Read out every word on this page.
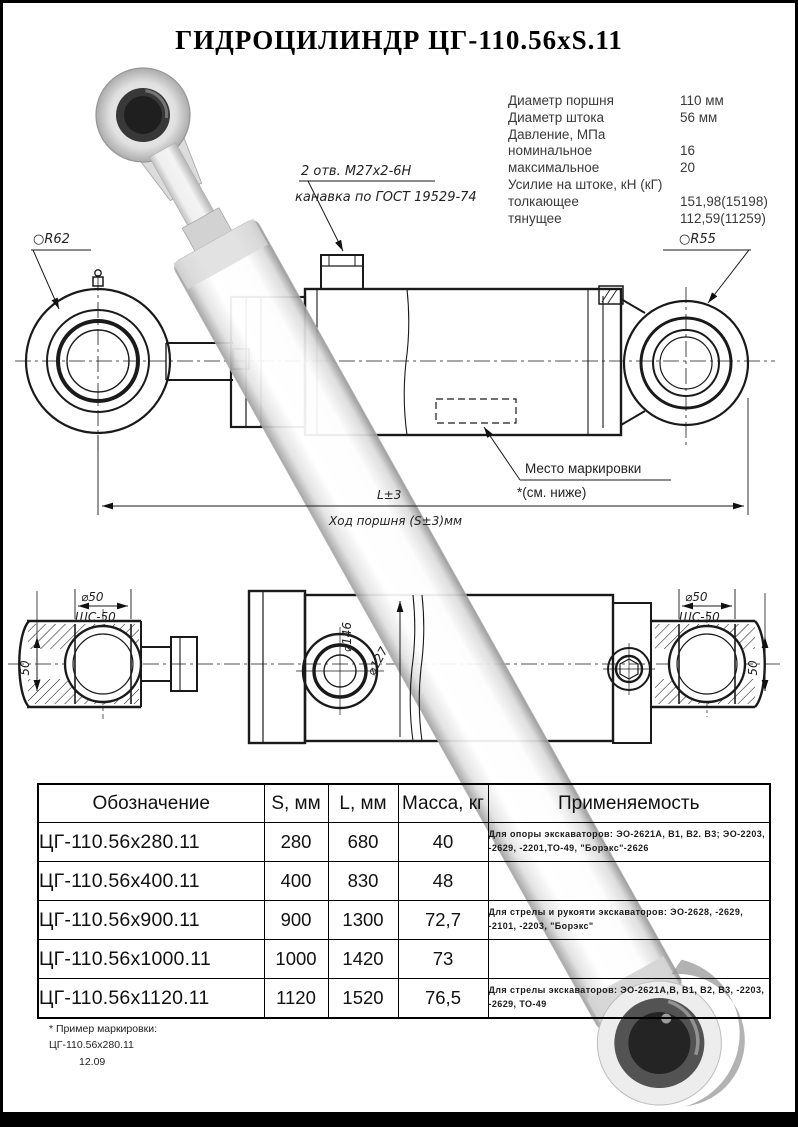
ГИДРОЦИЛИНДР ЦГ-110.56хS.11
Диаметр поршня	110 мм
Диаметр штока	56 мм
Давление, МПа
номинальное	16
максимальное	20
Усилие на штоке, кН (кГ)
толкающее	151,98(15198)
тянущее	112,59(11259)
2 отв. М27х2-6Н
канавка по ГОСТ 19529-74
○R62	○R55
Место маркировки
*(см. ниже)
L±3
Ход поршня (S±3)мм
⌀50
ШС-50
50
⌀146
⌀127
⌀50
ШС-50
50
Обозначение	S, мм	L, мм	Масса, кг	Применяемость
ЦГ-110.56х280.11	280	680	40	Для опоры экскаваторов: ЭО-2621А, В1, В2. В3; ЭО-2203, -2629, -2201,ТО-49, "Борэкс"-2626
ЦГ-110.56х400.11	400	830	48	
ЦГ-110.56х900.11	900	1300	72,7	Для стрелы и рукояти экскаваторов: ЭО-2628, -2629, -2101, -2203, "Борэкс"
ЦГ-110.56х1000.11	1000	1420	73	
ЦГ-110.56х1120.11	1120	1520	76,5	Для стрелы экскаваторов: ЭО-2621А,В, В1, В2, В3, -2203, -2629, ТО-49
* Пример маркировки:
ЦГ-110.56х280.11
12.09
